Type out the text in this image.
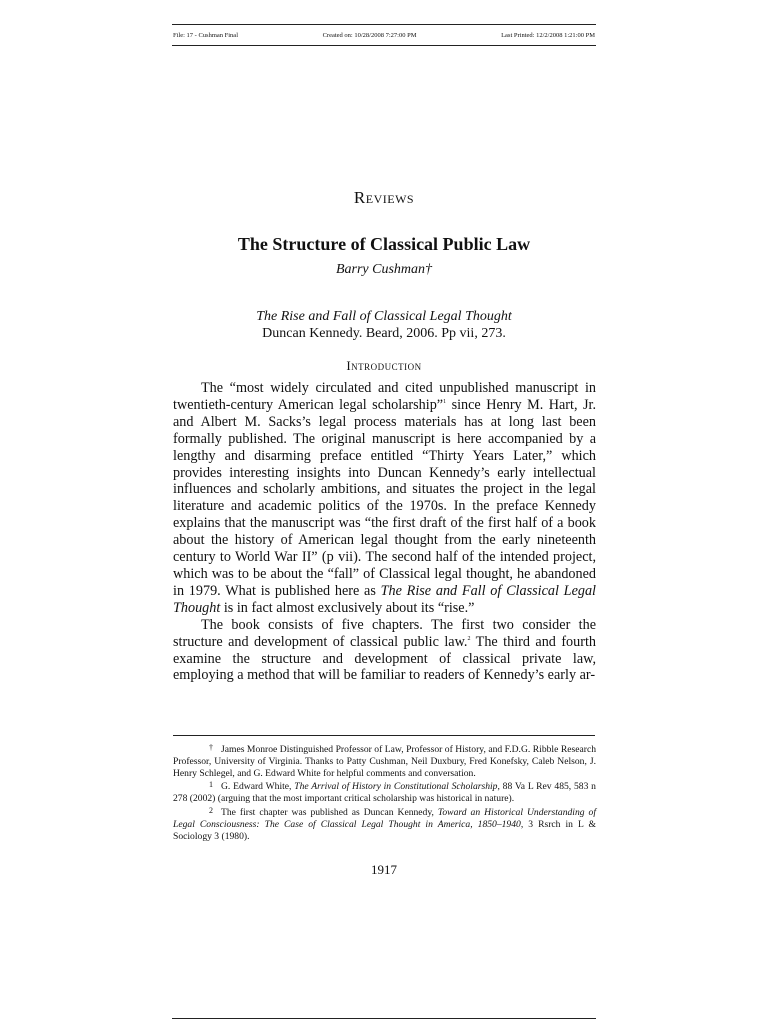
File: 17 - Cushman Final	Created on: 10/28/2008 7:27:00 PM	Last Printed: 12/2/2008 1:21:00 PM
Reviews
The Structure of Classical Public Law
Barry Cushman†
The Rise and Fall of Classical Legal Thought
Duncan Kennedy. Beard, 2006. Pp vii, 273.
Introduction

The “most widely circulated and cited unpublished manuscript in twentieth-century American legal scholarship”$^1$ since Henry M. Hart, Jr. and Albert M. Sacks’s legal process materials has at long last been formally published. The original manuscript is here accompanied by a lengthy and disarming preface entitled “Thirty Years Later,” which provides interesting insights into Duncan Kennedy’s early intellectual influences and scholarly ambitions, and situates the project in the legal literature and academic politics of the 1970s. In the preface Kennedy explains that the manuscript was “the first draft of the first half of a book about the history of American legal thought from the early nineteenth century to World War II” (p vii). The second half of the intended project, which was to be about the “fall” of Classical legal thought, he abandoned in 1979. What is published here as The Rise and Fall of Classical Legal Thought is in fact almost exclusively about its “rise.”

The book consists of five chapters. The first two consider the structure and development of classical public law.$^2$ The third and fourth examine the structure and development of classical private law, employing a method that will be familiar to readers of Kennedy’s early ar-

† James Monroe Distinguished Professor of Law, Professor of History, and F.D.G. Ribble Research Professor, University of Virginia. Thanks to Patty Cushman, Neil Duxbury, Fred Konefsky, Caleb Nelson, J. Henry Schlegel, and G. Edward White for helpful comments and conversation.

1 G. Edward White, The Arrival of History in Constitutional Scholarship, 88 Va L Rev 485, 583 n 278 (2002) (arguing that the most important critical scholarship was historical in nature).

2 The first chapter was published as Duncan Kennedy, Toward an Historical Understanding of Legal Consciousness: The Case of Classical Legal Thought in America, 1850–1940, 3 Rsrch in L & Sociology 3 (1980).

1917
